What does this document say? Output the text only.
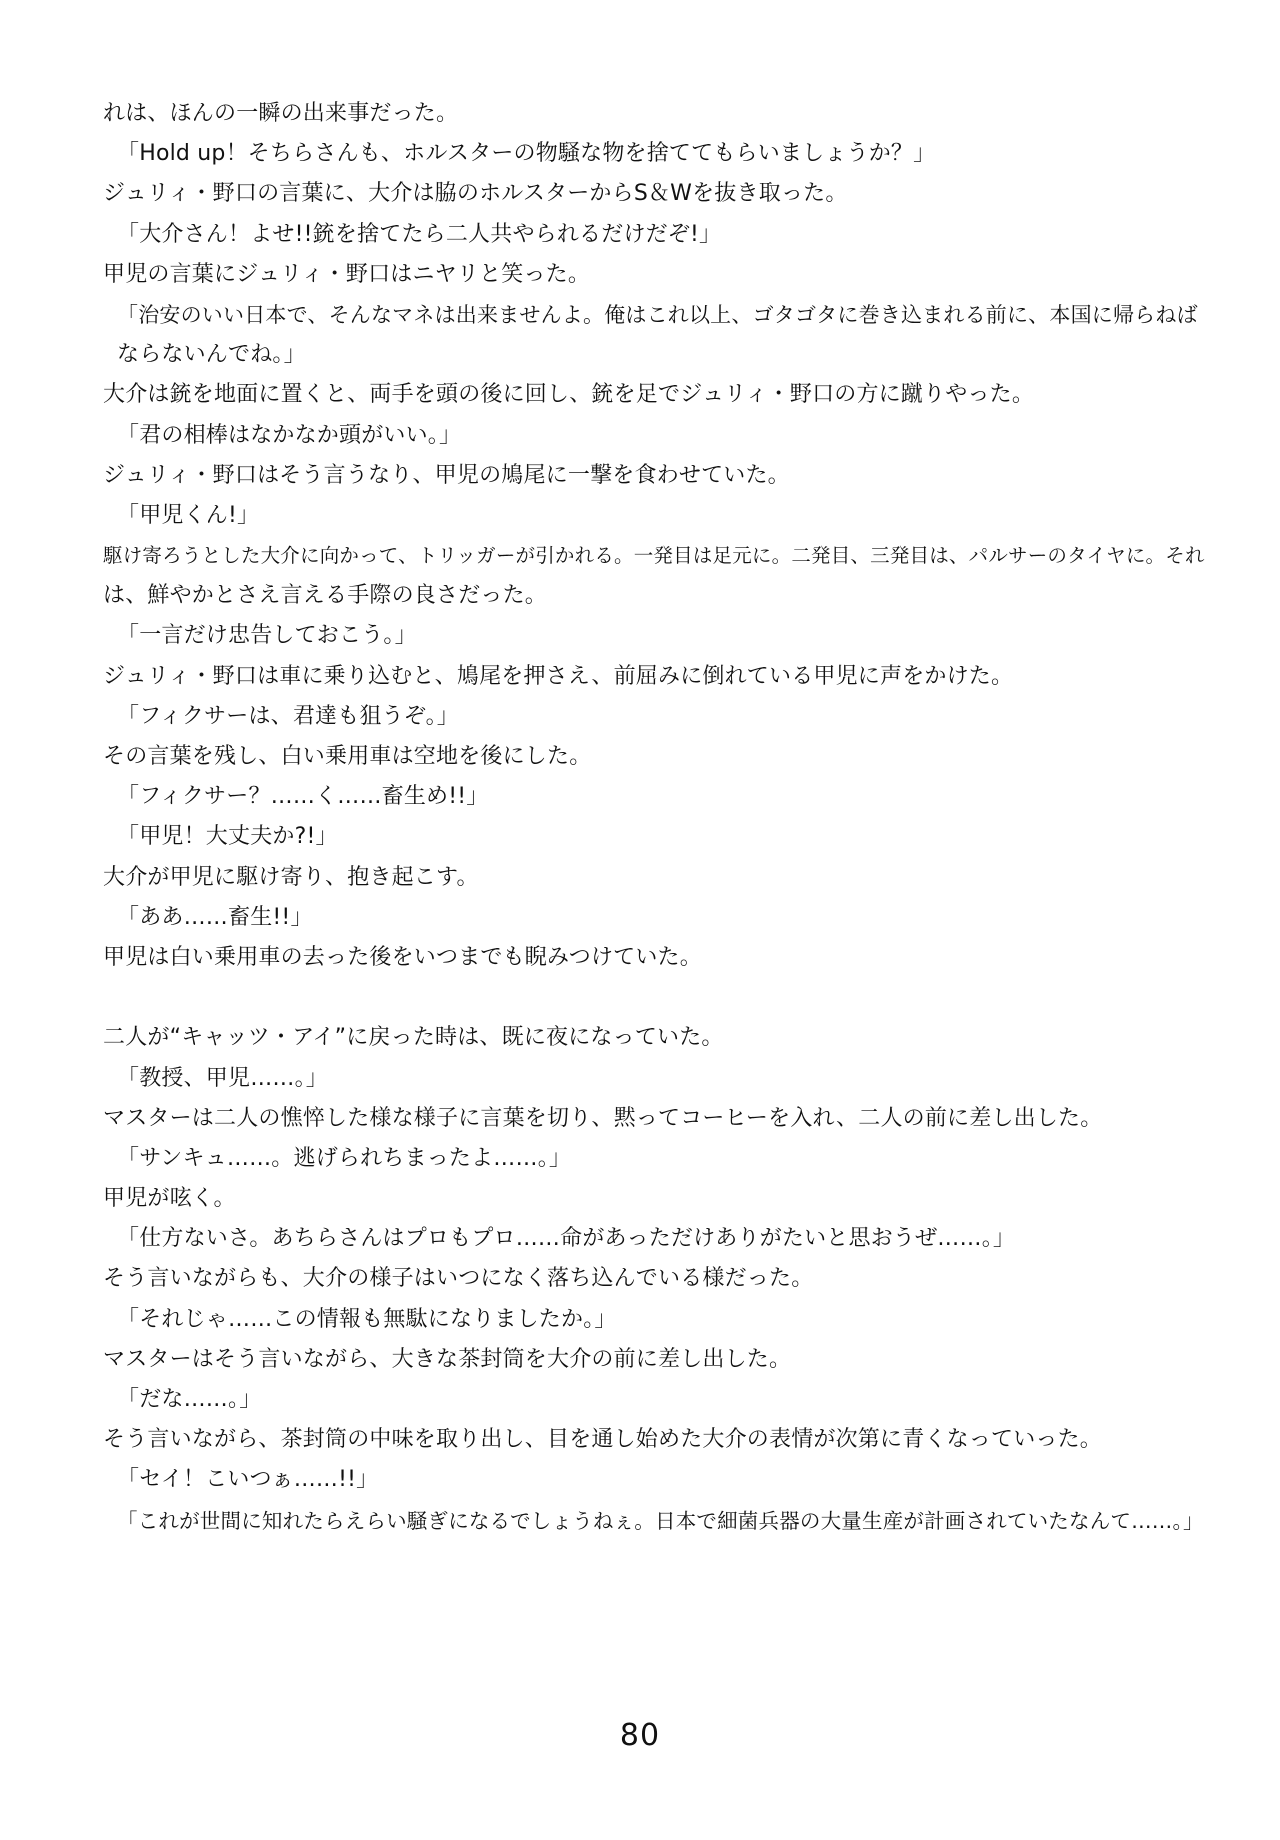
れは、ほんの一瞬の出来事だった。
「Hold up！そちらさんも、ホルスターの物騒な物を捨ててもらいましょうか？」
ジュリィ・野口の言葉に、大介は脇のホルスターからS＆Wを抜き取った。
「大介さん！よせ!!銃を捨てたら二人共やられるだけだぞ!」
甲児の言葉にジュリィ・野口はニヤリと笑った。
「治安のいい日本で、そんなマネは出来ませんよ。俺はこれ以上、ゴタゴタに巻き込まれる前に、本国に帰らねば
ならないんでね。」
大介は銃を地面に置くと、両手を頭の後に回し、銃を足でジュリィ・野口の方に蹴りやった。
「君の相棒はなかなか頭がいい。」
ジュリィ・野口はそう言うなり、甲児の鳩尾に一撃を食わせていた。
「甲児くん!」
駆け寄ろうとした大介に向かって、トリッガーが引かれる。一発目は足元に。二発目、三発目は、パルサーのタイヤに。それ
は、鮮やかとさえ言える手際の良さだった。
「一言だけ忠告しておこう。」
ジュリィ・野口は車に乗り込むと、鳩尾を押さえ、前屈みに倒れている甲児に声をかけた。
「フィクサーは、君達も狙うぞ。」
その言葉を残し、白い乗用車は空地を後にした。
「フィクサー？……く……畜生め!!」
「甲児！大丈夫か?!」
大介が甲児に駆け寄り、抱き起こす。
「ああ……畜生!!」
甲児は白い乗用車の去った後をいつまでも睨みつけていた。
二人が“キャッツ・アイ”に戻った時は、既に夜になっていた。
「教授、甲児……。」
マスターは二人の憔悴した様な様子に言葉を切り、黙ってコーヒーを入れ、二人の前に差し出した。
「サンキュ……。逃げられちまったよ……。」
甲児が呟く。
「仕方ないさ。あちらさんはプロもプロ……命があっただけありがたいと思おうぜ……。」
そう言いながらも、大介の様子はいつになく落ち込んでいる様だった。
「それじゃ……この情報も無駄になりましたか。」
マスターはそう言いながら、大きな茶封筒を大介の前に差し出した。
「だな……。」
そう言いながら、茶封筒の中味を取り出し、目を通し始めた大介の表情が次第に青くなっていった。
「セイ！こいつぁ……!!」
「これが世間に知れたらえらい騒ぎになるでしょうねぇ。日本で細菌兵器の大量生産が計画されていたなんて……。」
80
